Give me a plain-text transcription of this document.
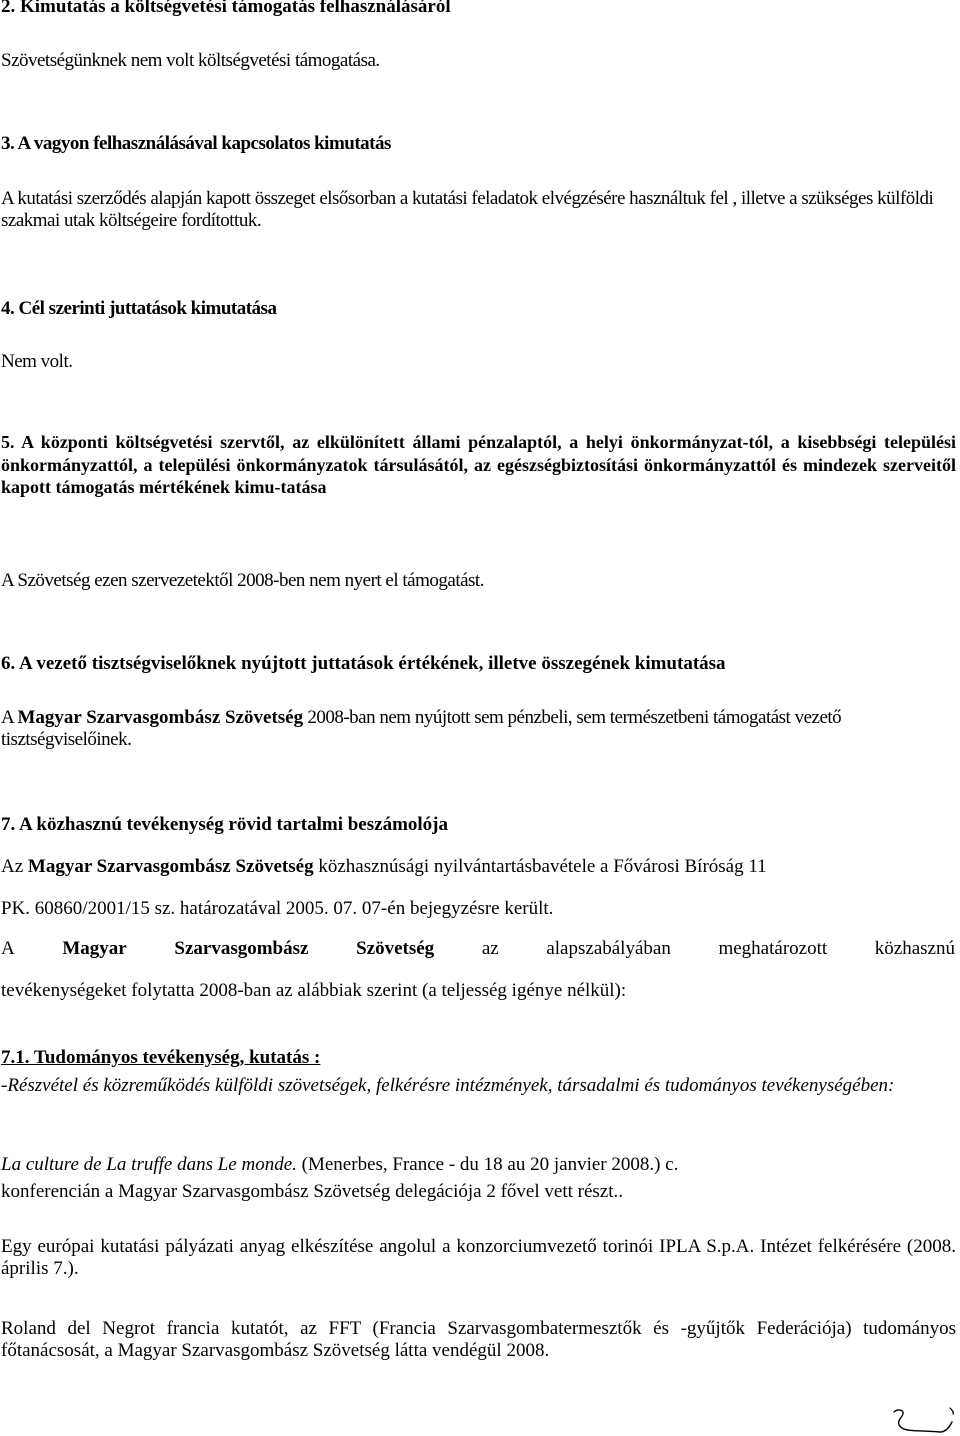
2. Kimutatás a költségvetési támogatás felhasználásáról
Szövetségünknek nem volt költségvetési támogatása.
3. A vagyon felhasználásával kapcsolatos kimutatás
A kutatási szerződés alapján kapott összeget elsősorban a kutatási feladatok elvégzésére használtuk fel , illetve a szükséges külföldi szakmai utak költségeire fordítottuk.
4. Cél szerinti juttatások kimutatása
Nem volt.
5. A központi költségvetési szervtől, az elkülönített állami pénzalaptól, a helyi önkormányzat-tól, a kisebbségi települési önkormányzattól, a települési önkormányzatok társulásától, az egészségbiztosítási önkormányzattól és mindezek szerveitől kapott támogatás mértékének kimu-tatása
A Szövetség ezen szervezetektől 2008-ben nem nyert el támogatást.
6. A vezető tisztségviselőknek nyújtott juttatások értékének, illetve összegének kimutatása
A Magyar Szarvasgombász Szövetség 2008-ban nem nyújtott sem pénzbeli, sem természetbeni támogatást vezető tisztségviselőinek.
7. A közhasznú tevékenység rövid tartalmi beszámolója
Az Magyar Szarvasgombász Szövetség közhasznúsági nyilvántartásbavétele a Fővárosi Bíróság 11
PK. 60860/2001/15 sz. határozatával 2005. 07. 07-én bejegyzésre került.
A	Magyar	Szarvasgombász	Szövetség	az	alapszabályában	meghatározott	közhasznú
tevékenységeket folytatta 2008-ban az alábbiak szerint (a teljesség igénye nélkül):
7.1. Tudományos tevékenység, kutatás :
-Részvétel és közreműködés külföldi szövetségek, felkérésre intézmények, társadalmi és tudományos tevékenységében:
La culture de La truffe dans Le monde. (Menerbes, France - du 18 au 20 janvier 2008.) c.
konferencián a Magyar Szarvasgombász Szövetség delegációja 2 fővel vett részt..
Egy európai kutatási pályázati anyag elkészítése angolul a konzorciumvezető torinói IPLA S.p.A. Intézet felkérésére (2008. április 7.).
Roland del Negrot francia kutatót, az FFT (Francia Szarvasgombatermesztők és -gyűjtők Federációja) tudományos főtanácsosát, a Magyar Szarvasgombász Szövetség látta vendégül 2008.
